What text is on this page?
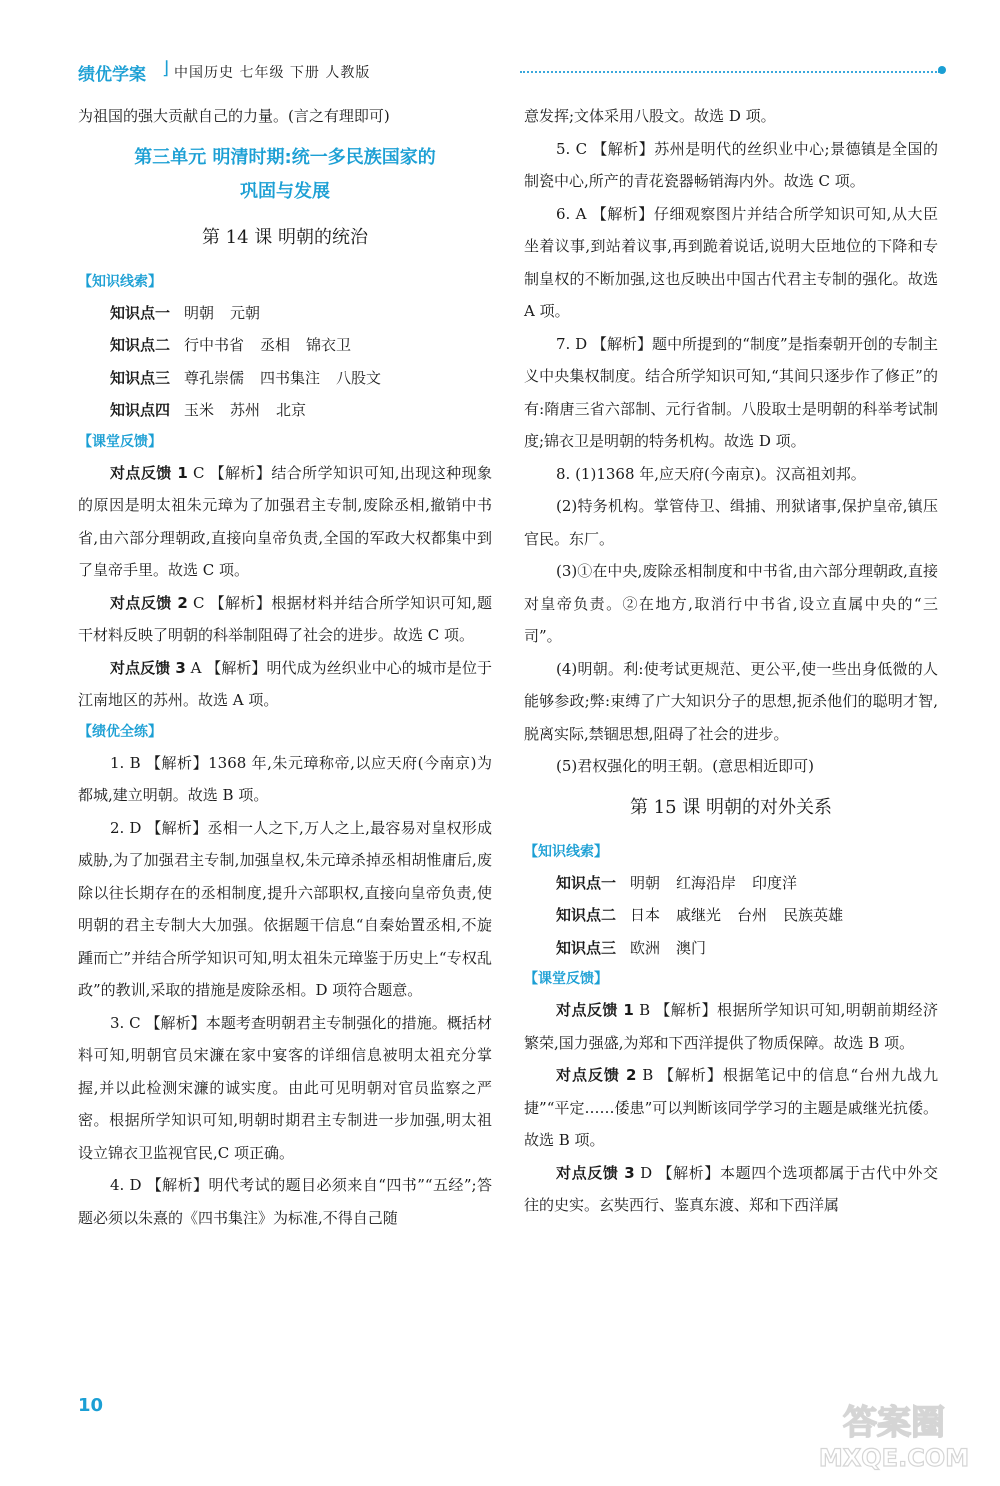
绩优学案 ⌋ 中国历史 七年级 下册 人教版

为祖国的强大贡献自己的力量。(言之有理即可)

第三单元 明清时期:统一多民族国家的
巩固与发展
第 14 课 明朝的统治

【知识线索】

知识点一 明朝 元朝

知识点二 行中书省 丞相 锦衣卫

知识点三 尊孔崇儒 四书集注 八股文

知识点四 玉米 苏州 北京

【课堂反馈】

对点反馈 1 C 【解析】结合所学知识可知,出现这种现象的原因是明太祖朱元璋为了加强君主专制,废除丞相,撤销中书省,由六部分理朝政,直接向皇帝负责,全国的军政大权都集中到了皇帝手里。故选 C 项。

对点反馈 2 C 【解析】根据材料并结合所学知识可知,题干材料反映了明朝的科举制阻碍了社会的进步。故选 C 项。

对点反馈 3 A 【解析】明代成为丝织业中心的城市是位于江南地区的苏州。故选 A 项。

【绩优全练】

1. B 【解析】1368 年,朱元璋称帝,以应天府(今南京)为都城,建立明朝。故选 B 项。

2. D 【解析】丞相一人之下,万人之上,最容易对皇权形成威胁,为了加强君主专制,加强皇权,朱元璋杀掉丞相胡惟庸后,废除以往长期存在的丞相制度,提升六部职权,直接向皇帝负责,使明朝的君主专制大大加强。依据题干信息“自秦始置丞相,不旋踵而亡”并结合所学知识可知,明太祖朱元璋鉴于历史上“专权乱政”的教训,采取的措施是废除丞相。D 项符合题意。

3. C 【解析】本题考查明朝君主专制强化的措施。概括材料可知,明朝官员宋濂在家中宴客的详细信息被明太祖充分掌握,并以此检测宋濂的诚实度。由此可见明朝对官员监察之严密。根据所学知识可知,明朝时期君主专制进一步加强,明太祖设立锦衣卫监视官民,C 项正确。

4. D 【解析】明代考试的题目必须来自“四书”“五经”;答题必须以朱熹的《四书集注》为标准,不得自己随

意发挥;文体采用八股文。故选 D 项。

5. C 【解析】苏州是明代的丝织业中心;景德镇是全国的制瓷中心,所产的青花瓷器畅销海内外。故选 C 项。

6. A 【解析】仔细观察图片并结合所学知识可知,从大臣坐着议事,到站着议事,再到跪着说话,说明大臣地位的下降和专制皇权的不断加强,这也反映出中国古代君主专制的强化。故选 A 项。

7. D 【解析】题中所提到的“制度”是指秦朝开创的专制主义中央集权制度。结合所学知识可知,“其间只逐步作了修正”的有:隋唐三省六部制、元行省制。八股取士是明朝的科举考试制度;锦衣卫是明朝的特务机构。故选 D 项。

8. (1)1368 年,应天府(今南京)。汉高祖刘邦。

(2)特务机构。掌管侍卫、缉捕、刑狱诸事,保护皇帝,镇压官民。东厂。

(3)①在中央,废除丞相制度和中书省,由六部分理朝政,直接对皇帝负责。②在地方,取消行中书省,设立直属中央的“三司”。

(4)明朝。利:使考试更规范、更公平,使一些出身低微的人能够参政;弊:束缚了广大知识分子的思想,扼杀他们的聪明才智,脱离实际,禁锢思想,阻碍了社会的进步。

(5)君权强化的明王朝。(意思相近即可)

第 15 课 明朝的对外关系

【知识线索】

知识点一 明朝 红海沿岸 印度洋

知识点二 日本 戚继光 台州 民族英雄

知识点三 欧洲 澳门

【课堂反馈】

对点反馈 1 B 【解析】根据所学知识可知,明朝前期经济繁荣,国力强盛,为郑和下西洋提供了物质保障。故选 B 项。

对点反馈 2 B 【解析】根据笔记中的信息“台州九战九捷”“平定……倭患”可以判断该同学学习的主题是戚继光抗倭。故选 B 项。

对点反馈 3 D 【解析】本题四个选项都属于古代中外交往的史实。玄奘西行、鉴真东渡、郑和下西洋属

10	答案圈
MXQE.COM
